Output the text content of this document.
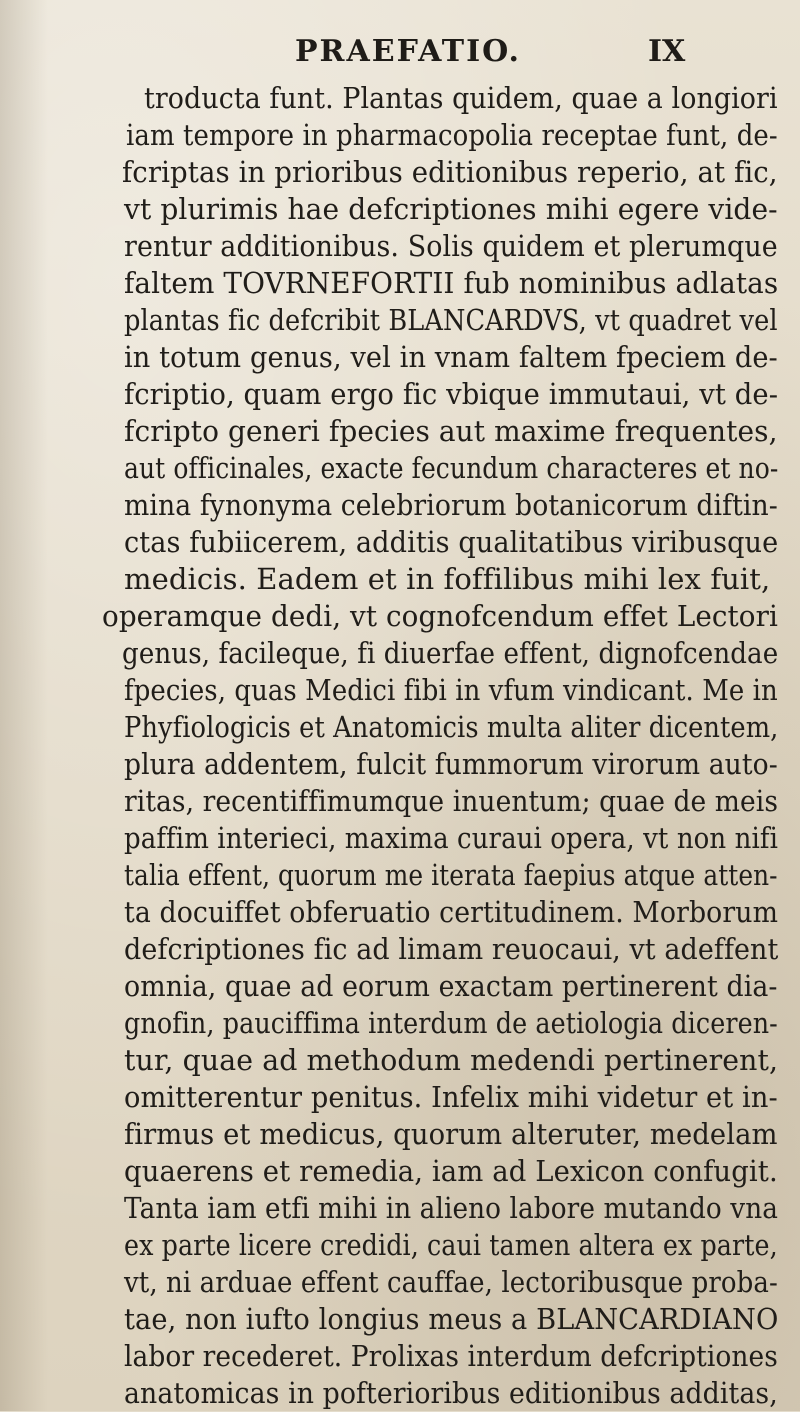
PRAEFATIO.	IX
troducta funt. Plantas quidem, quae a longiori
iam tempore in pharmacopolia receptae funt, de-
fcriptas in prioribus editionibus reperio, at fic,
vt plurimis hae defcriptiones mihi egere vide-
rentur additionibus. Solis quidem et plerumque
faltem TOVRNEFORTII fub nominibus adlatas
plantas fic defcribit BLANCARDVS, vt quadret vel
in totum genus, vel in vnam faltem fpeciem de-
fcriptio, quam ergo fic vbique immutaui, vt de-
fcripto generi fpecies aut maxime frequentes,
aut officinales, exacte fecundum characteres et no-
mina fynonyma celebriorum botanicorum diftin-
ctas fubiicerem, additis qualitatibus viribusque
medicis. Eadem et in foffilibus mihi lex fuit,
operamque dedi, vt cognofcendum effet Lectori
genus, facileque, fi diuerfae effent, dignofcendae
fpecies, quas Medici fibi in vfum vindicant. Me in
Phyfiologicis et Anatomicis multa aliter dicentem,
plura addentem, fulcit fummorum virorum auto-
ritas, recentiffimumque inuentum; quae de meis
paffim interieci, maxima curaui opera, vt non nifi
talia effent, quorum me iterata faepius atque atten-
ta docuiffet obferuatio certitudinem. Morborum
defcriptiones fic ad limam reuocaui, vt adeffent
omnia, quae ad eorum exactam pertinerent dia-
gnofin, pauciffima interdum de aetiologia diceren-
tur, quae ad methodum medendi pertinerent,
omitterentur penitus. Infelix mihi videtur et in-
firmus et medicus, quorum alteruter, medelam
quaerens et remedia, iam ad Lexicon confugit.
Tanta iam etfi mihi in alieno labore mutando vna
ex parte licere credidi, caui tamen altera ex parte,
vt, ni arduae effent cauffae, lectoribusque proba-
tae, non iufto longius meus a BLANCARDIANO
labor recederet. Prolixas interdum defcriptiones
anatomicas in pofterioribus editionibus additas,
